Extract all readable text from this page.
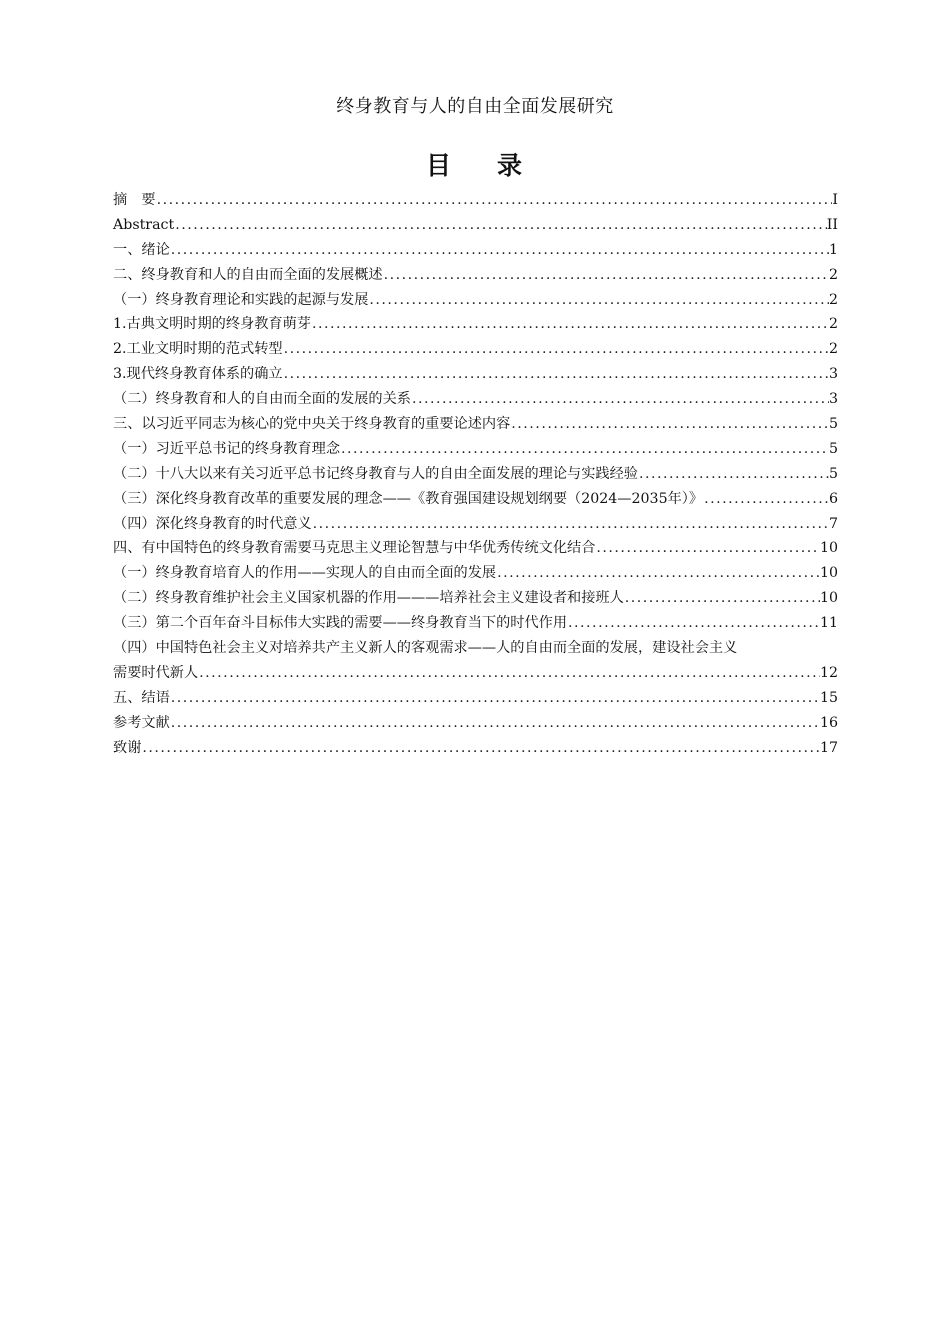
终身教育与人的自由全面发展研究
目 录
摘　要 .....	I
Abstract .....	II
一、绪论 .....	1
二、终身教育和人的自由而全面的发展概述 .....	2
（一）终身教育理论和实践的起源与发展 .....	2
1.古典文明时期的终身教育萌芽 .....	2
2.工业文明时期的范式转型 .....	2
3.现代终身教育体系的确立 .....	3
（二）终身教育和人的自由而全面的发展的关系 .....	3
三、以习近平同志为核心的党中央关于终身教育的重要论述内容 .....	5
（一）习近平总书记的终身教育理念 .....	5
（二）十八大以来有关习近平总书记终身教育与人的自由全面发展的理论与实践经验 .....	5
（三）深化终身教育改革的重要发展的理念——《教育强国建设规划纲要（2024—2035年）》 .....	6
（四）深化终身教育的时代意义 .....	7
四、有中国特色的终身教育需要马克思主义理论智慧与中华优秀传统文化结合 .....	10
（一）终身教育培育人的作用——实现人的自由而全面的发展 .....	10
（二）终身教育维护社会主义国家机器的作用———培养社会主义建设者和接班人 .....	10
（三）第二个百年奋斗目标伟大实践的需要——终身教育当下的时代作用 .....	11
（四）中国特色社会主义对培养共产主义新人的客观需求——人的自由而全面的发展，建设社会主义
需要时代新人 .....	12
五、结语 .....	15
参考文献 .....	16
致谢 .....	17
